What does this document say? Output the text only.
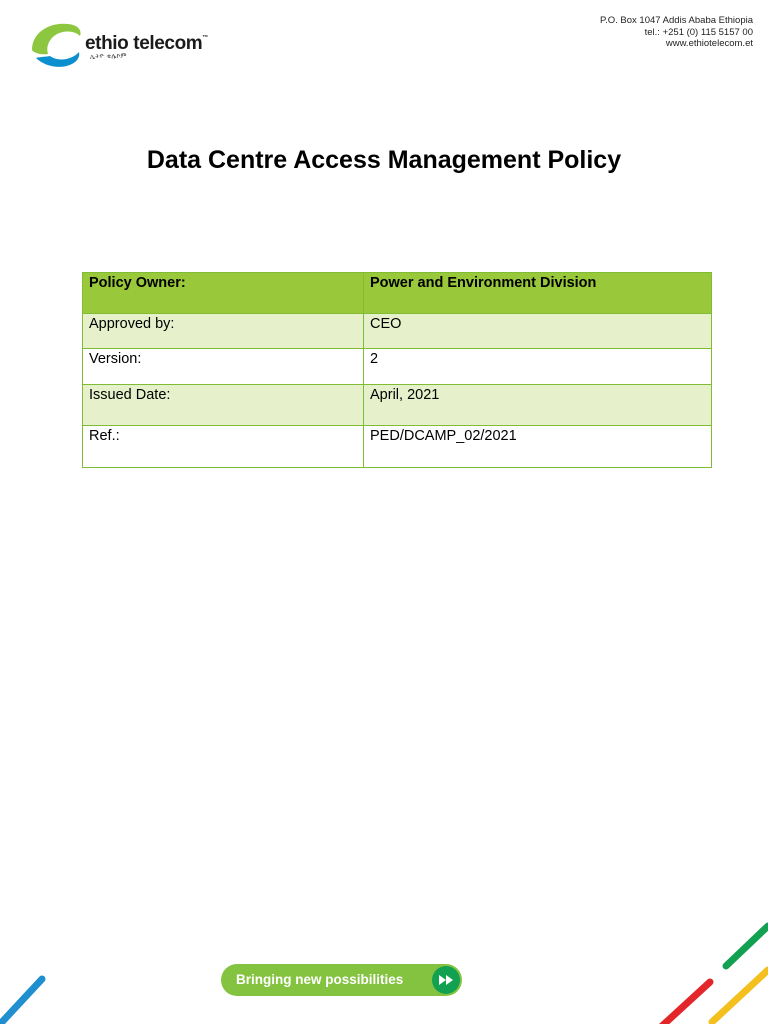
ethio telecom™
ኢትዮ ቴሌኮም
P.O. Box 1047 Addis Ababa Ethiopia
tel.: +251 (0) 115 5157 00
www.ethiotelecom.et
Data Centre Access Management Policy
Policy Owner:	Power and Environment Division
Approved by:	CEO
Version:	2
Issued Date:	April, 2021
Ref.:	PED/DCAMP_02/2021
Bringing new possibilities
